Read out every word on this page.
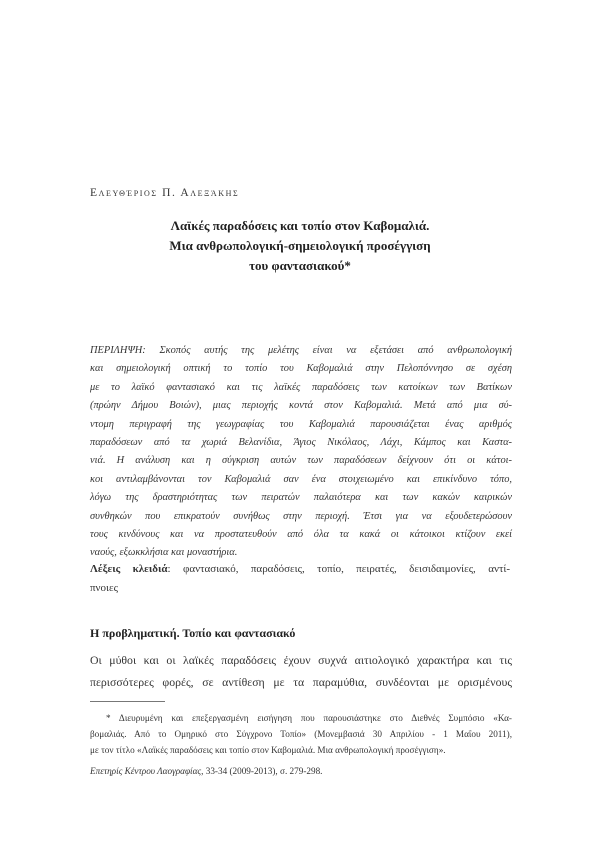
Ελευθέριος Π. Αλεξάκης
Λαϊκές παραδόσεις και τοπίο στον Καβομαλιά.
Μια ανθρωπολογική-σημειολογική προσέγγιση
του φαντασιακού*
ΠΕΡΙΛΗΨΗ: Σκοπός αυτής της μελέτης είναι να εξετάσει από ανθρωπολογική
και σημειολογική οπτική το τοπίο του Καβομαλιά στην Πελοπόννησο σε σχέση
με το λαϊκό φαντασιακό και τις λαϊκές παραδόσεις των κατοίκων των Βατίκων
(πρώην Δήμου Βοιών), μιας περιοχής κοντά στον Καβομαλιά. Μετά από μια σύ-
ντομη περιγραφή της γεωγραφίας του Καβομαλιά παρουσιάζεται ένας αριθμός
παραδόσεων από τα χωριά Βελανίδια, Άγιος Νικόλαος, Λάχι, Κάμπος και Καστα-
νιά. Η ανάλυση και η σύγκριση αυτών των παραδόσεων δείχνουν ότι οι κάτοι-
κοι αντιλαμβάνονται τον Καβομαλιά σαν ένα στοιχειωμένο και επικίνδυνο τόπο,
λόγω της δραστηριότητας των πειρατών παλαιότερα και των κακών καιρικών
συνθηκών που επικρατούν συνήθως στην περιοχή. Έτσι για να εξουδετερώσουν
τους κινδύνους και να προστατευθούν από όλα τα κακά οι κάτοικοι κτίζουν εκεί
ναούς, εξωκκλήσια και μοναστήρια.
Λέξεις κλειδιά: φαντασιακό, παραδόσεις, τοπίο, πειρατές, δεισιδαιμονίες, αντί-
πνοιες
Η προβληματική. Τοπίο και φαντασιακό
Οι μύθοι και οι λαϊκές παραδόσεις έχουν συχνά αιτιολογικό χαρακτήρα και τις
περισσότερες φορές, σε αντίθεση με τα παραμύθια, συνδέονται με ορισμένους
* Διευρυμένη και επεξεργασμένη εισήγηση που παρουσιάστηκε στο Διεθνές Συμπόσιο «Κα-
βομαλιάς. Από το Ομηρικό στο Σύγχρονο Τοπίο» (Μονεμβασιά 30 Απριλίου - 1 Μαΐου 2011),
με τον τίτλο «Λαϊκές παραδόσεις και τοπίο στον Καβομαλιά. Μια ανθρωπολογική προσέγγιση».
Επετηρίς Κέντρου Λαογραφίας, 33-34 (2009-2013), σ. 279-298.
